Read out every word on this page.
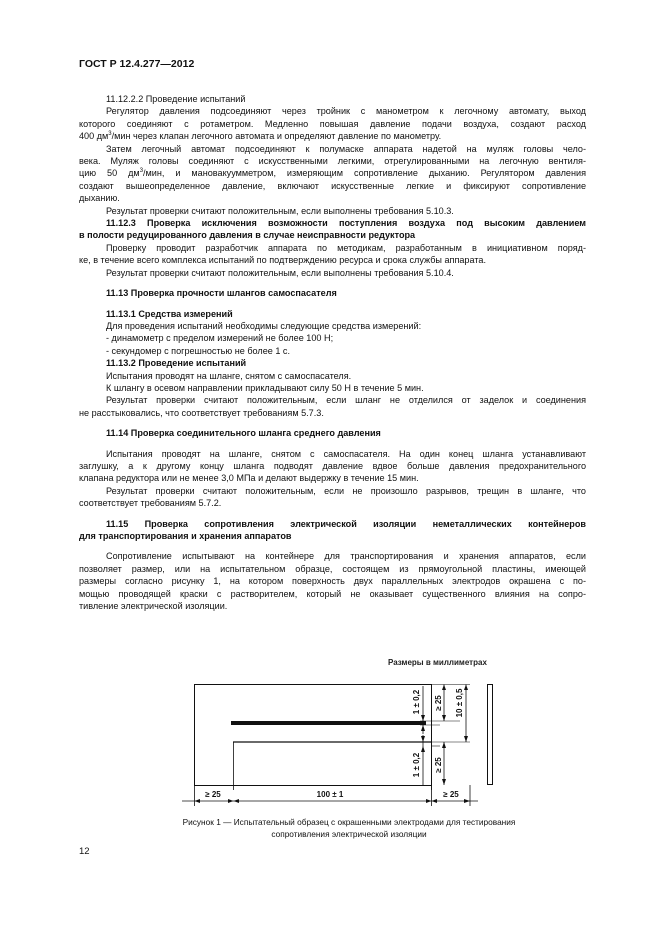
ГОСТ Р 12.4.277—2012

11.12.2.2 Проведение испытаний

Регулятор давления подсоединяют через тройник с манометром к легочному автомату, выход
которого соединяют с ротаметром. Медленно повышая давление подачи воздуха, создают расход
400 $дм^3$/мин через клапан легочного автомата и определяют давление по манометру.
Затем легочный автомат подсоединяют к полумаске аппарата надетой на муляж головы чело-
века. Муляж головы соединяют с искусственными легкими, отрегулированными на легочную вентиля-
цию 50 $дм^3$/мин, и мановакуумметром, измеряющим сопротивление дыханию. Регулятором давления
создают вышеопределенное давление, включают искусственные легкие и фиксируют сопротивление
дыханию.
Результат проверки считают положительным, если выполнены требования 5.10.3.
11.12.3 Проверка исключения возможности поступления воздуха под высоким давлением
в полости редуцированного давления в случае неисправности редуктора
Проверку проводит разработчик аппарата по методикам, разработанным в инициативном поряд-
ке, в течение всего комплекса испытаний по подтверждению ресурса и срока службы аппарата.
Результат проверки считают положительным, если выполнены требования 5.10.4.
11.13 Проверка прочности шлангов самоспасателя
11.13.1 Средства измерений
Для проведения испытаний необходимы следующие средства измерений:
- динамометр с пределом измерений не более 100 Н;
- секундомер с погрешностью не более 1 с.
11.13.2 Проведение испытаний
Испытания проводят на шланге, снятом с самоспасателя.
К шлангу в осевом направлении прикладывают силу 50 Н в течение 5 мин.
Результат проверки считают положительным, если шланг не отделился от заделок и соединения
не расстыковались, что соответствует требованиям 5.7.3.
11.14 Проверка соединительного шланга среднего давления
Испытания проводят на шланге, снятом с самоспасателя. На один конец шланга устанавливают
заглушку, а к другому концу шланга подводят давление вдвое больше давления предохранительного
клапана редуктора или не менее 3,0 МПа и делают выдержку в течение 15 мин.
Результат проверки считают положительным, если не произошло разрывов, трещин в шланге, что
соответствует требованиям 5.7.2.
11.15 Проверка сопротивления электрической изоляции неметаллических контейнеров
для транспортирования и хранения аппаратов
Сопротивление испытывают на контейнере для транспортирования и хранения аппаратов, если
позволяет размер, или на испытательном образце, состоящем из прямоугольной пластины, имеющей
размеры согласно рисунку 1, на котором поверхность двух параллельных электродов окрашена с по-
мощью проводящей краски с растворителем, который не оказывает существенного влияния на сопро-
тивление электрической изоляции.
Размеры в миллиметрах
≥ 25	100 ± 1	≥ 25
1 ± 0,2 ≥ 25 10 ± 0,5
1 ± 0,2 ≥ 25
Рисунок 1 — Испытательный образец с окрашенными электродами для тестирования
сопротивления электрической изоляции
12
